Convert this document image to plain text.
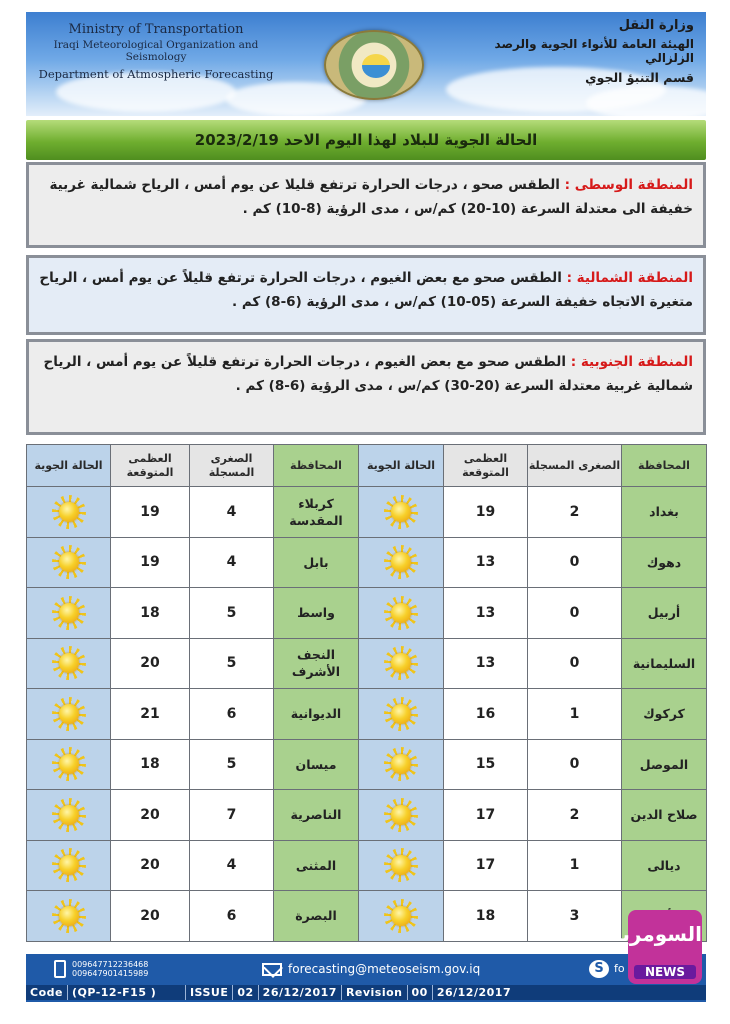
Ministry of Transportation
Iraqi Meteorological Organization and Seismology
Department of Atmospheric Forecasting
وزارة النقل
الهيئة العامة للأنواء الجوية والرصد الزلزالي
قسم التنبؤ الجوي
الحالة الجوية للبلاد لهذا اليوم الاحد 2023/2/19
المنطقة الوسطى : الطقس صحو ، درجات الحرارة ترتفع قليلا عن يوم أمس ، الرياح شمالية غربية خفيفة الى معتدلة السرعة (10-20) كم/س ، مدى الرؤية (8-10) كم .
المنطقة الشمالية : الطقس صحو مع بعض الغيوم ، درجات الحرارة ترتفع قليلاً عن يوم أمس ، الرياح متغيرة الاتجاه خفيفة السرعة (05-10) كم/س ، مدى الرؤية (6-8) كم .
المنطقة الجنوبية : الطقس صحو مع بعض الغيوم ، درجات الحرارة ترتفع قليلاً عن يوم أمس ، الرياح شمالية غربية معتدلة السرعة (20-30) كم/س ، مدى الرؤية (6-8) كم .
المحافظة	الصغرى المسجلة	العظمى المتوقعة	الحالة الجوية	المحافظة	الصغرى المسجلة	العظمى المتوقعة	الحالة الجوية
بغداد	2	19		كربلاء المقدسة	4	19	

دهوك	0	13		بابل	4	19	

أربيل	0	13		واسط	5	18	

السليمانية	0	13		النجف الأشرف	5	20	

كركوك	1	16		الديوانية	6	21	

الموصل	0	15		ميسان	5	18	

صلاح الدين	2	17		الناصرية	7	20	

ديالى	1	17		المثنى	4	20	

	3	18		البصرة	6	20	
009647712236468
009647901415989	forecasting@meteoseism.gov.iq	S fo
Code (QP-12-F15 )	ISSUE 02 26/12/2017 Revision 00 26/12/2017
السومرية
NEWS
